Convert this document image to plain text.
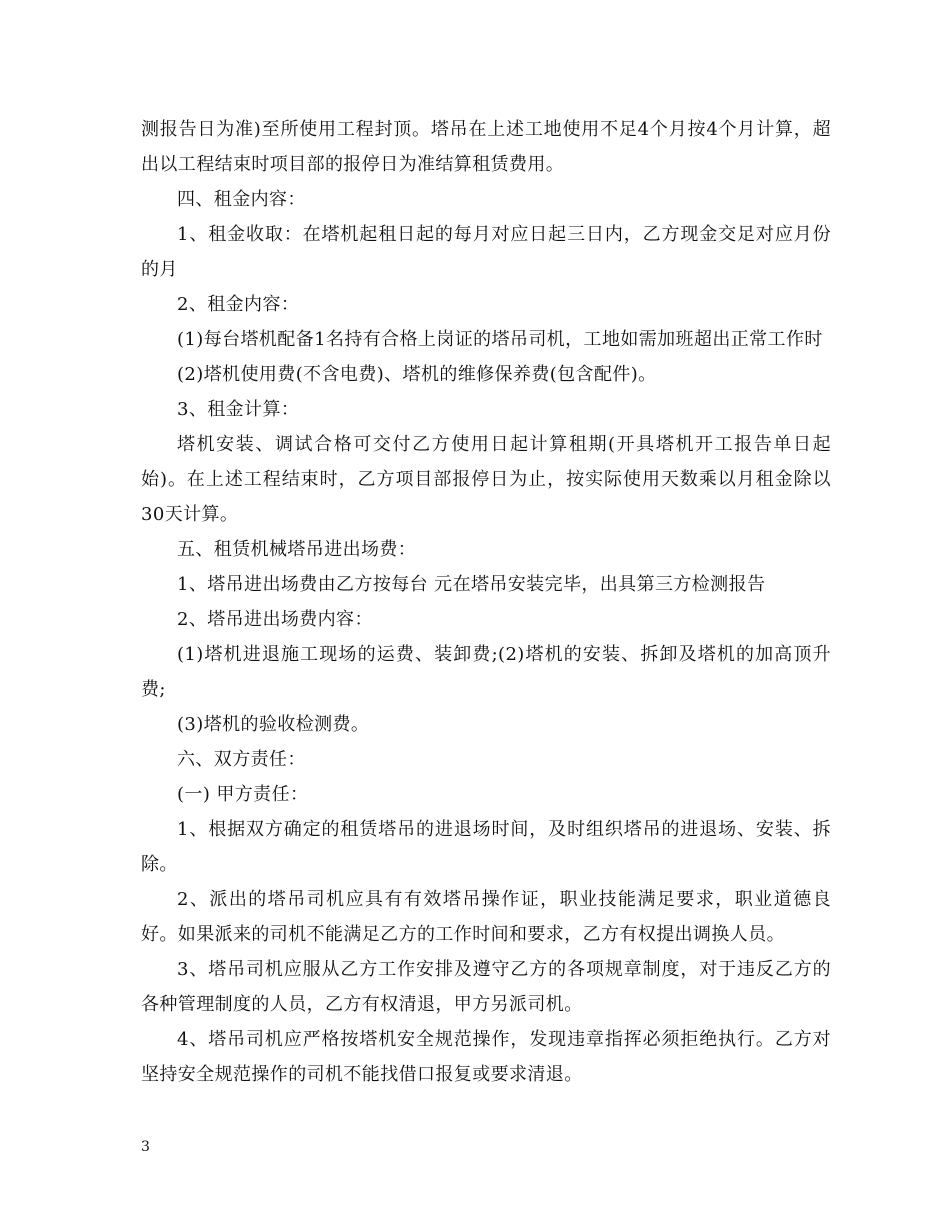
测报告日为准)至所使用工程封顶。塔吊在上述工地使用不足4个月按4个月计算，超出以工程结束时项目部的报停日为准结算租赁费用。

四、租金内容：

1、租金收取：在塔机起租日起的每月对应日起三日内，乙方现金交足对应月份的月

2、租金内容：

(1)每台塔机配备1名持有合格上岗证的塔吊司机，工地如需加班超出正常工作时

(2)塔机使用费(不含电费)、塔机的维修保养费(包含配件)。

3、租金计算：

塔机安装、调试合格可交付乙方使用日起计算租期(开具塔机开工报告单日起始)。在上述工程结束时，乙方项目部报停日为止，按实际使用天数乘以月租金除以30天计算。

五、租赁机械塔吊进出场费：

1、塔吊进出场费由乙方按每台 元在塔吊安装完毕，出具第三方检测报告

2、塔吊进出场费内容：

(1)塔机进退施工现场的运费、装卸费;(2)塔机的安装、拆卸及塔机的加高顶升费;

(3)塔机的验收检测费。

六、双方责任：

(一) 甲方责任：

1、根据双方确定的租赁塔吊的进退场时间，及时组织塔吊的进退场、安装、拆除。

2、派出的塔吊司机应具有有效塔吊操作证，职业技能满足要求，职业道德良好。如果派来的司机不能满足乙方的工作时间和要求，乙方有权提出调换人员。

3、塔吊司机应服从乙方工作安排及遵守乙方的各项规章制度，对于违反乙方的各种管理制度的人员，乙方有权清退，甲方另派司机。

4、塔吊司机应严格按塔机安全规范操作，发现违章指挥必须拒绝执行。乙方对坚持安全规范操作的司机不能找借口报复或要求清退。

3
